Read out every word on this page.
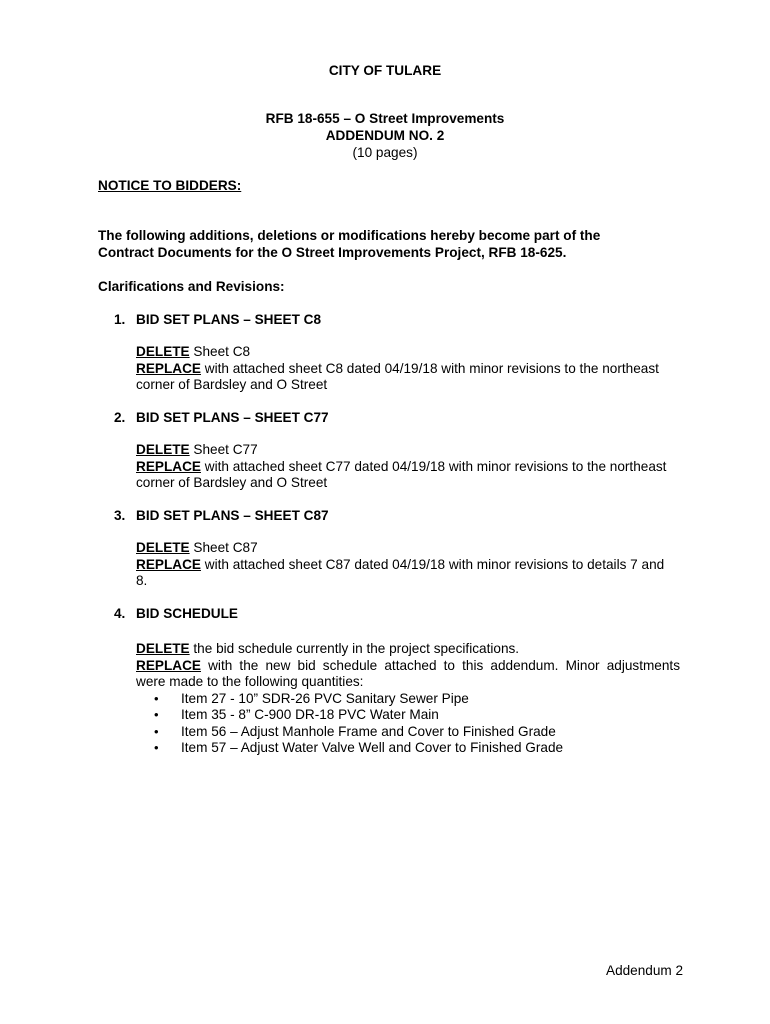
CITY OF TULARE
RFB 18-655 – O Street Improvements
ADDENDUM NO. 2
(10 pages)
NOTICE TO BIDDERS:
The following additions, deletions or modifications hereby become part of the
Contract Documents for the O Street Improvements Project, RFB 18-625.
Clarifications and Revisions:
1. BID SET PLANS – SHEET C8
DELETE Sheet C8
REPLACE with attached sheet C8 dated 04/19/18 with minor revisions to the northeast
corner of Bardsley and O Street
2. BID SET PLANS – SHEET C77
DELETE Sheet C77
REPLACE with attached sheet C77 dated 04/19/18 with minor revisions to the northeast
corner of Bardsley and O Street
3. BID SET PLANS – SHEET C87
DELETE Sheet C87
REPLACE with attached sheet C87 dated 04/19/18 with minor revisions to details 7 and
8.
4. BID SCHEDULE
DELETE the bid schedule currently in the project specifications.
REPLACE with the new bid schedule attached to this addendum. Minor adjustments
were made to the following quantities:
• Item 27 - 10” SDR-26 PVC Sanitary Sewer Pipe
• Item 35 - 8” C-900 DR-18 PVC Water Main
• Item 56 – Adjust Manhole Frame and Cover to Finished Grade
• Item 57 – Adjust Water Valve Well and Cover to Finished Grade
Addendum 2
